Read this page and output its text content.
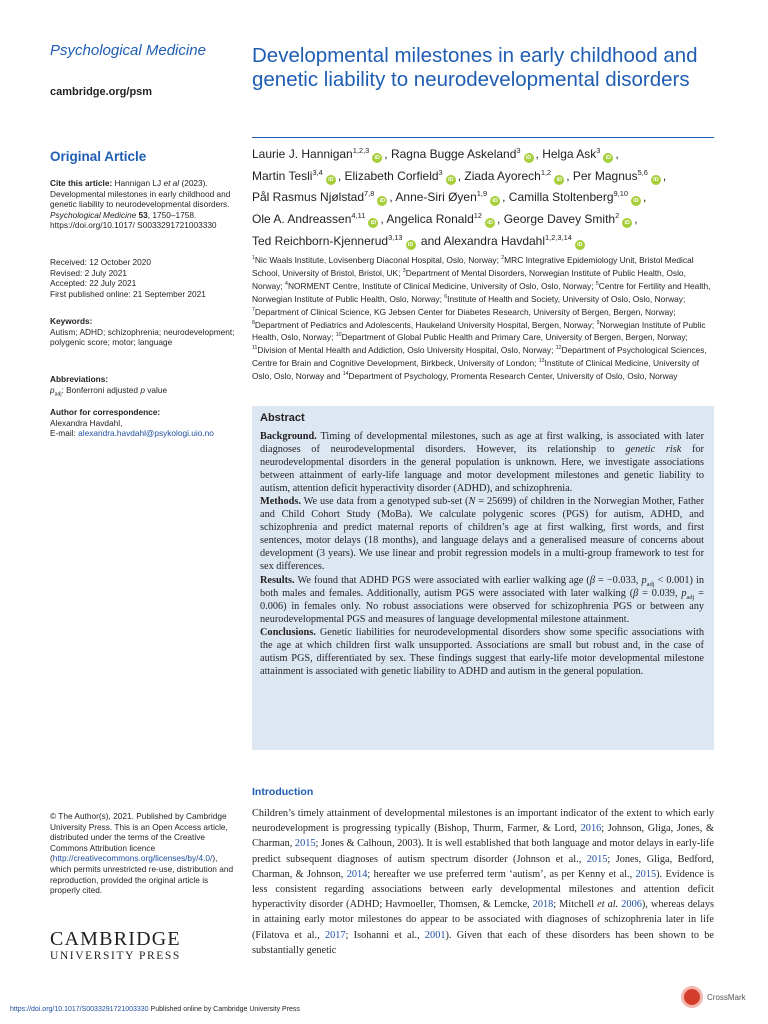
Psychological Medicine
cambridge.org/psm
Original Article
Cite this article: Hannigan LJ et al (2023). Developmental milestones in early childhood and genetic liability to neurodevelopmental disorders. Psychological Medicine 53, 1750–1758. https://doi.org/10.1017/ S0033291721003330
Received: 12 October 2020
Revised: 2 July 2021
Accepted: 22 July 2021
First published online: 21 September 2021
Keywords:
Autism; ADHD; schizophrenia; neurodevelopment; polygenic score; motor; language
Abbreviations:
$p_{adj}$: Bonferroni adjusted p value
Author for correspondence:
Alexandra Havdahl,
E-mail: alexandra.havdahl@psykologi.uio.no
© The Author(s), 2021. Published by Cambridge University Press. This is an Open Access article, distributed under the terms of the Creative Commons Attribution licence (http://creativecommons.org/licenses/by/4.0/), which permits unrestricted re-use, distribution and reproduction, provided the original article is properly cited.
CAMBRIDGE
UNIVERSITY PRESS
Developmental milestones in early childhood and genetic liability to neurodevelopmental disorders
Laurie J. Hannigan$^{1,2,3}$iD , Ragna Bugge Askeland$^3$iD , Helga Ask$^3$iD ,
Martin Tesli$^{3,4}$iD , Elizabeth Corfield$^3$iD , Ziada Ayorech$^{1,2}$iD , Per Magnus$^{5,6}$iD ,
Pål Rasmus Njølstad$^{7,8}$iD , Anne-Siri Øyen$^{1,9}$iD , Camilla Stoltenberg$^{9,10}$iD ,
Ole A. Andreassen$^{4,11}$iD , Angelica Ronald$^{12}$iD , George Davey Smith$^2$iD ,
Ted Reichborn-Kjennerud$^{3,13}$iD and Alexandra Havdahl$^{1,2,3,14}$iD
$^1$Nic Waals Institute, Lovisenberg Diaconal Hospital, Oslo, Norway; $^2$MRC Integrative Epidemiology Unit, Bristol Medical School, University of Bristol, Bristol, UK; $^3$Department of Mental Disorders, Norwegian Institute of Public Health, Oslo, Norway; $^4$NORMENT Centre, Institute of Clinical Medicine, University of Oslo, Oslo, Norway; $^5$Centre for Fertility and Health, Norwegian Institute of Public Health, Oslo, Norway; $^6$Institute of Health and Society, University of Oslo, Oslo, Norway; $^7$Department of Clinical Science, KG Jebsen Center for Diabetes Research, University of Bergen, Bergen, Norway; $^8$Department of Pediatrics and Adolescents, Haukeland University Hospital, Bergen, Norway; $^9$Norwegian Institute of Public Health, Oslo, Norway; $^{10}$Department of Global Public Health and Primary Care, University of Bergen, Bergen, Norway; $^{11}$Division of Mental Health and Addiction, Oslo University Hospital, Oslo, Norway; $^{12}$Department of Psychological Sciences, Centre for Brain and Cognitive Development, Birkbeck, University of London; $^{13}$Institute of Clinical Medicine, University of Oslo, Oslo, Norway and $^{14}$Department of Psychology, Promenta Research Center, University of Oslo, Oslo, Norway
Abstract

Background. Timing of developmental milestones, such as age at first walking, is associated with later diagnoses of neurodevelopmental disorders. However, its relationship to genetic risk for neurodevelopmental disorders in the general population is unknown. Here, we investigate associations between attainment of early-life language and motor development milestones and genetic liability to autism, attention deficit hyperactivity disorder (ADHD), and schizophrenia.

Methods. We use data from a genotyped sub-set (N = 25699) of children in the Norwegian Mother, Father and Child Cohort Study (MoBa). We calculate polygenic scores (PGS) for autism, ADHD, and schizophrenia and predict maternal reports of children’s age at first walking, first words, and first sentences, motor delays (18 months), and language delays and a generalised measure of concerns about development (3 years). We use linear and probit regression models in a multi-group framework to test for sex differences.

Results. We found that ADHD PGS were associated with earlier walking age (β = −0.033, $p_{adj} < 0.001$) in both males and females. Additionally, autism PGS were associated with later walking (β = 0.039, $p_{adj} = 0.006$) in females only. No robust associations were observed for schizophrenia PGS or between any neurodevelopmental PGS and measures of language developmental milestone attainment.

Conclusions. Genetic liabilities for neurodevelopmental disorders show some specific associations with the age at which children first walk unsupported. Associations are small but robust and, in the case of autism PGS, differentiated by sex. These findings suggest that early-life motor developmental milestone attainment is associated with genetic liability to ADHD and autism in the general population.

Introduction
Children’s timely attainment of developmental milestones is an important indicator of the extent to which early neurodevelopment is progressing typically (Bishop, Thurm, Farmer, & Lord, 2016; Johnson, Gliga, Jones, & Charman, 2015; Jones & Calhoun, 2003). It is well established that both language and motor delays in early-life predict subsequent diagnoses of autism spectrum disorder (Johnson et al., 2015; Jones, Gliga, Bedford, Charman, & Johnson, 2014; hereafter we use preferred term ‘autism’, as per Kenny et al., 2015). Evidence is less consistent regarding associations between early developmental milestones and attention deficit hyperactivity disorder (ADHD; Havmoeller, Thomsen, & Lemcke, 2018; Mitchell et al. 2006), whereas delays in attaining early motor milestones do appear to be associated with diagnoses of schizophrenia later in life (Filatova et al., 2017; Isohanni et al., 2001). Given that each of these disorders has been shown to be substantially genetic
https://doi.org/10.1017/S0033291721003330 Published online by Cambridge University Press
CrossMark
